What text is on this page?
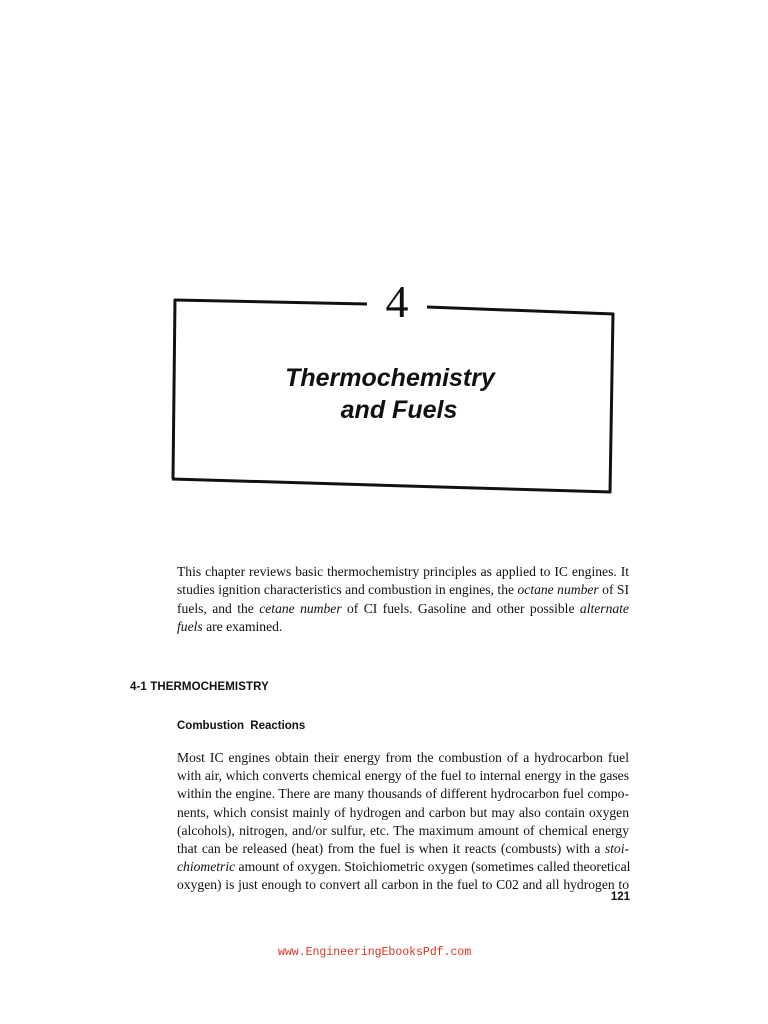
4
Thermochemistry
and Fuels
This chapter reviews basic thermochemistry principles as applied to IC engines. It studies ignition characteristics and combustion in engines, the octane number of SI fuels, and the cetane number of CI fuels. Gasoline and other possible alternate fuels are examined.
4-1 THERMOCHEMISTRY
Combustion Reactions
Most IC engines obtain their energy from the combustion of a hydrocarbon fuel
with air, which converts chemical energy of the fuel to internal energy in the gases
within the engine. There are many thousands of different hydrocarbon fuel compo-
nents, which consist mainly of hydrogen and carbon but may also contain oxygen
(alcohols), nitrogen, and/or sulfur, etc. The maximum amount of chemical energy
that can be released (heat) from the fuel is when it reacts (combusts) with a stoi-
chiometric amount of oxygen. Stoichiometric oxygen (sometimes called theoretical
oxygen) is just enough to convert all carbon in the fuel to C02 and all hydrogen to
121
www.EngineeringEbooksPdf.com
